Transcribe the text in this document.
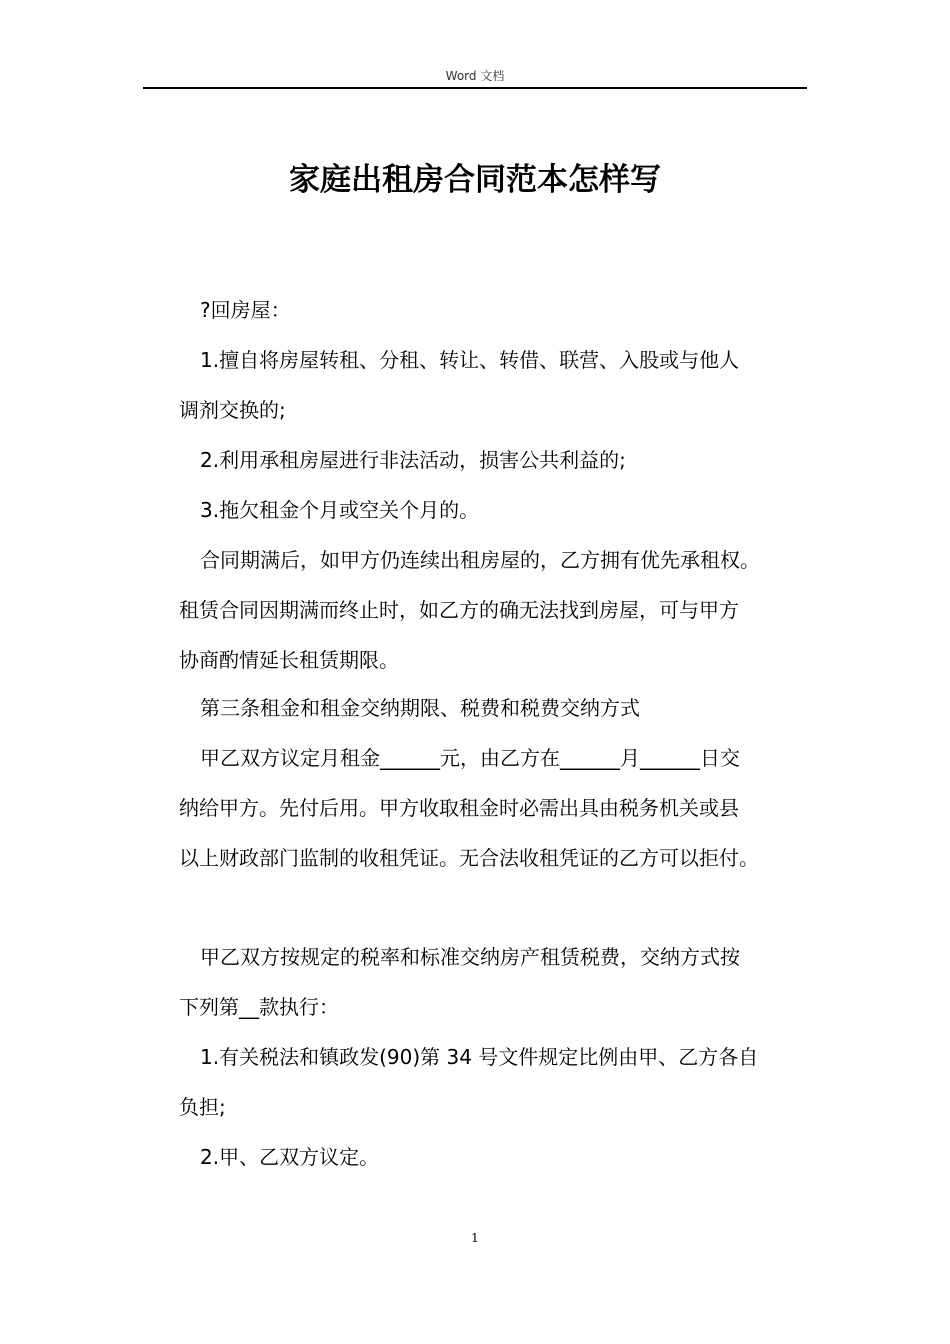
Word 文档
家庭出租房合同范本怎样写

?回房屋：

1.擅自将房屋转租、分租、转让、转借、联营、入股或与他人

调剂交换的;

2.利用承租房屋进行非法活动，损害公共利益的;

3.拖欠租金个月或空关个月的。

合同期满后，如甲方仍连续出租房屋的，乙方拥有优先承租权。

租赁合同因期满而终止时，如乙方的确无法找到房屋，可与甲方

协商酌情延长租赁期限。

第三条租金和租金交纳期限、税费和税费交纳方式

甲乙双方议定月租金______元，由乙方在______月______日交

纳给甲方。先付后用。甲方收取租金时必需出具由税务机关或县

以上财政部门监制的收租凭证。无合法收租凭证的乙方可以拒付。

甲乙双方按规定的税率和标准交纳房产租赁税费，交纳方式按

下列第__款执行：

1.有关税法和镇政发(90)第 34 号文件规定比例由甲、乙方各自

负担;

2.甲、乙双方议定。

1
